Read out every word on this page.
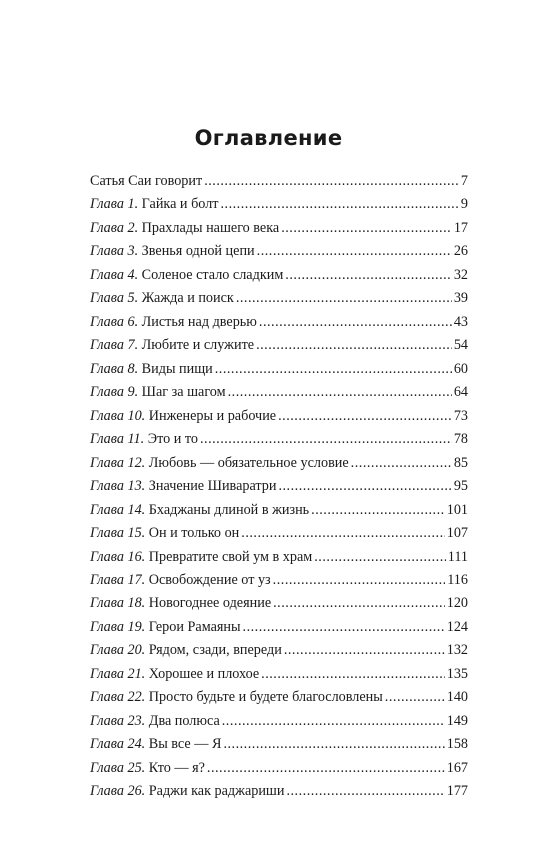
Оглавление
Сатья Саи говорит .....	7
Глава 1. Гайка и болт .....	9
Глава 2. Прахлады нашего века .....	17
Глава 3. Звенья одной цепи .....	26
Глава 4. Соленое стало сладким .....	32
Глава 5. Жажда и поиск .....	39
Глава 6. Листья над дверью .....	43
Глава 7. Любите и служите .....	54
Глава 8. Виды пищи .....	60
Глава 9. Шаг за шагом .....	64
Глава 10. Инженеры и рабочие .....	73
Глава 11. Это и то .....	78
Глава 12. Любовь — обязательное условие .....	85
Глава 13. Значение Шиваратри .....	95
Глава 14. Бхаджаны длиной в жизнь .....	101
Глава 15. Он и только он .....	107
Глава 16. Превратите свой ум в храм .....	111
Глава 17. Освобождение от уз .....	116
Глава 18. Новогоднее одеяние .....	120
Глава 19. Герои Рамаяны .....	124
Глава 20. Рядом, сзади, впереди .....	132
Глава 21. Хорошее и плохое .....	135
Глава 22. Просто будьте и будете благословлены .....	140
Глава 23. Два полюса .....	149
Глава 24. Вы все — Я .....	158
Глава 25. Кто — я? .....	167
Глава 26. Раджи как раджариши .....	177
